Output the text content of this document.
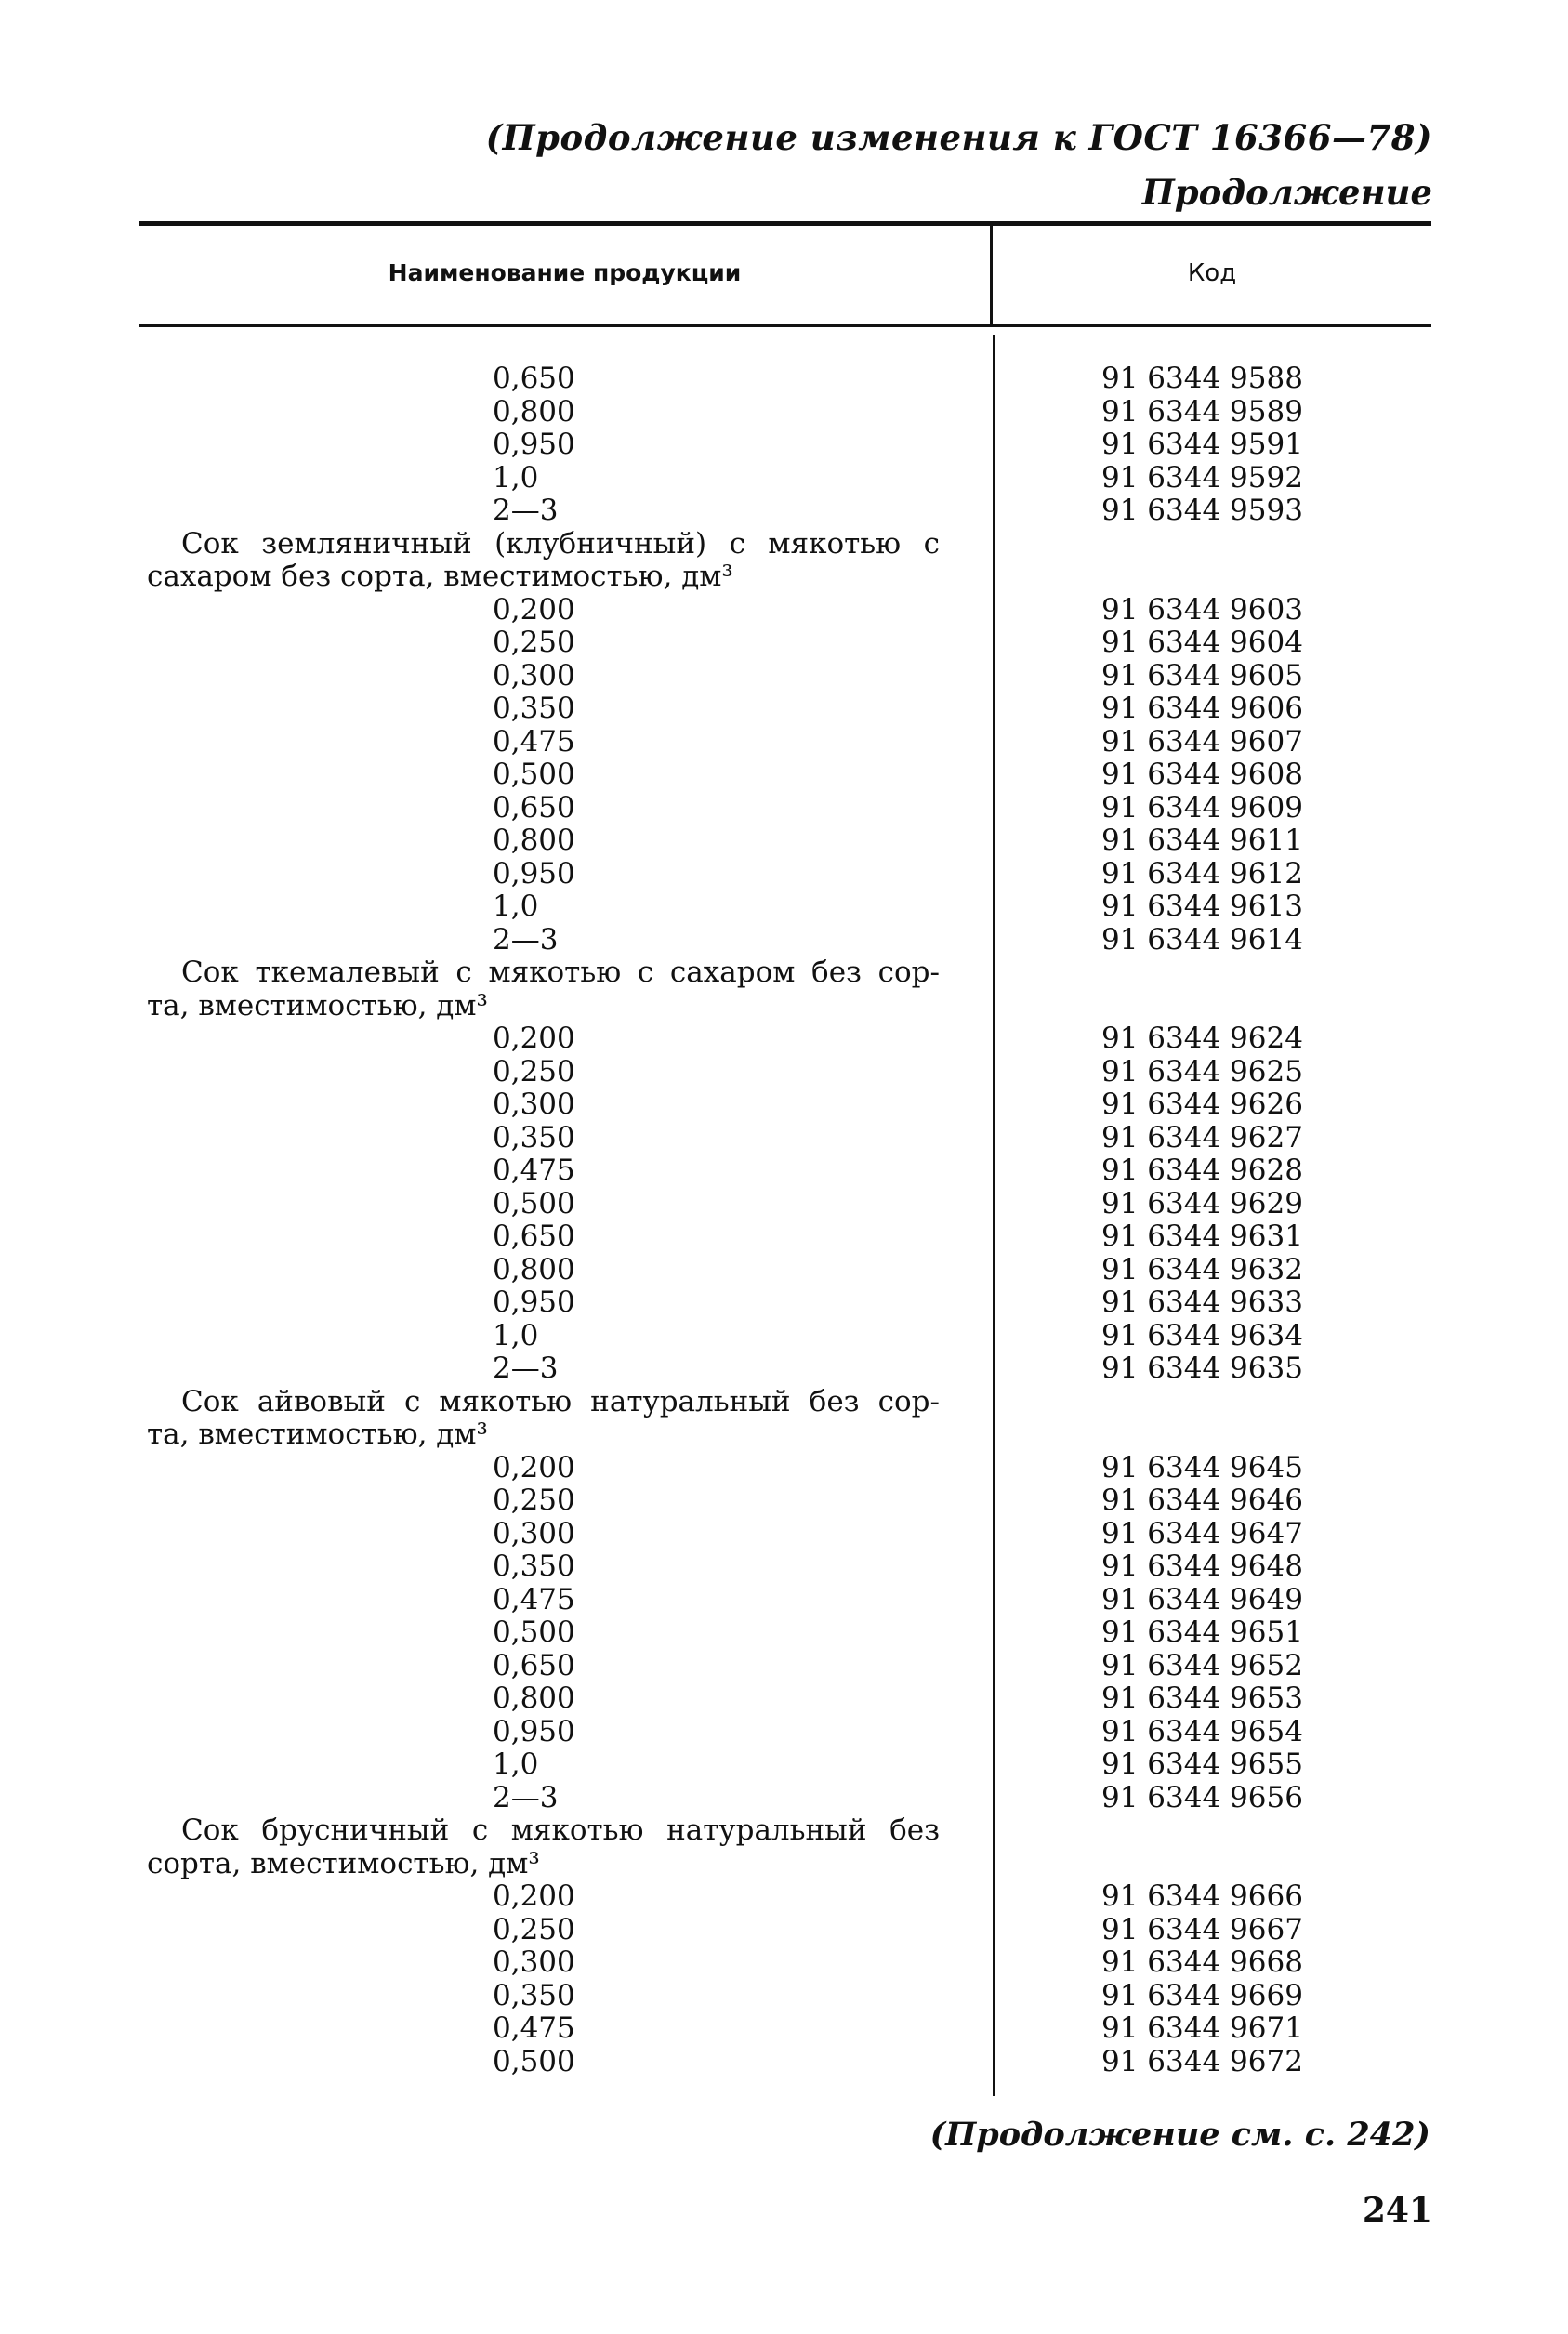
(Продолжение изменения к ГОСТ 16366—78)
Продолжение
Наименование продукции	Код
0,650	91 6344 9588
0,800	91 6344 9589
0,950	91 6344 9591
1,0	91 6344 9592
2—3	91 6344 9593
Сок земляничный (клубничный) с мякотью с
сахаром без сорта, вместимостью, дм³
0,200	91 6344 9603
0,250	91 6344 9604
0,300	91 6344 9605
0,350	91 6344 9606
0,475	91 6344 9607
0,500	91 6344 9608
0,650	91 6344 9609
0,800	91 6344 9611
0,950	91 6344 9612
1,0	91 6344 9613
2—3	91 6344 9614
Сок ткемалевый с мякотью с сахаром без сор-
та, вместимостью, дм³
0,200	91 6344 9624
0,250	91 6344 9625
0,300	91 6344 9626
0,350	91 6344 9627
0,475	91 6344 9628
0,500	91 6344 9629
0,650	91 6344 9631
0,800	91 6344 9632
0,950	91 6344 9633
1,0	91 6344 9634
2—3	91 6344 9635
Сок айвовый с мякотью натуральный без сор-
та, вместимостью, дм³
0,200	91 6344 9645
0,250	91 6344 9646
0,300	91 6344 9647
0,350	91 6344 9648
0,475	91 6344 9649
0,500	91 6344 9651
0,650	91 6344 9652
0,800	91 6344 9653
0,950	91 6344 9654
1,0	91 6344 9655
2—3	91 6344 9656
Сок брусничный с мякотью натуральный без
сорта, вместимостью, дм³
0,200	91 6344 9666
0,250	91 6344 9667
0,300	91 6344 9668
0,350	91 6344 9669
0,475	91 6344 9671
0,500	91 6344 9672
(Продолжение см. с. 242)
241
